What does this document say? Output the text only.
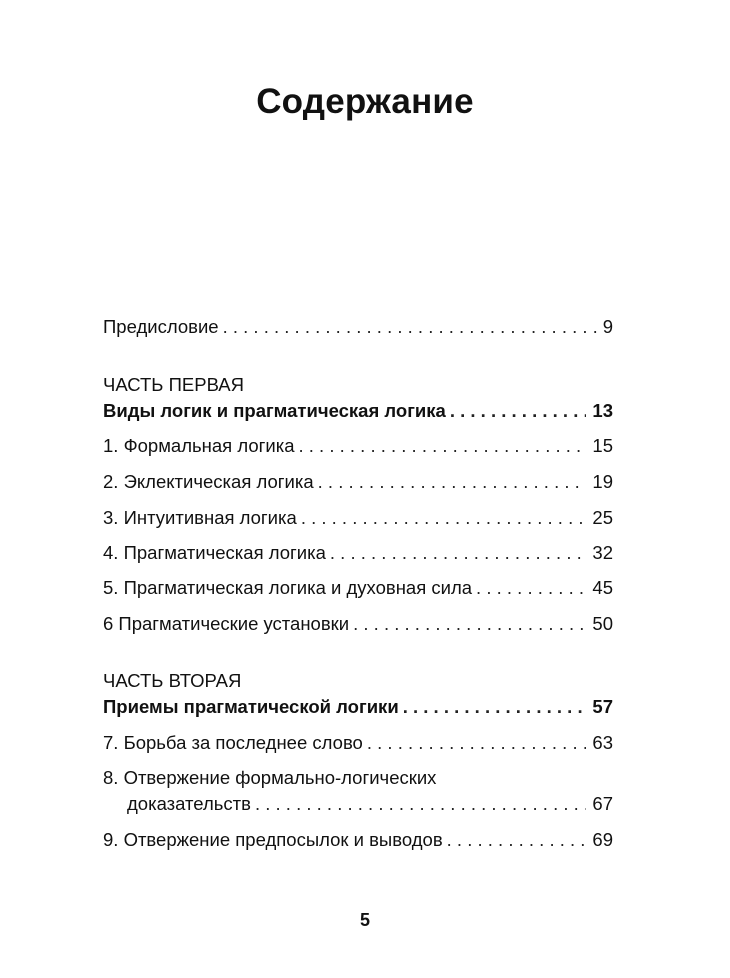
Содержание
Предисловие . . .	9
ЧАСТЬ ПЕРВАЯ
Виды логик и прагматическая логика . . .	13
1. Формальная логика . . .	15
2. Эклектическая логика . . .	19
3. Интуитивная логика . . .	25
4. Прагматическая логика . . .	32
5. Прагматическая логика и духовная сила . . .	45
6 Прагматические установки . . .	50
ЧАСТЬ ВТОРАЯ
Приемы прагматической логики . . .	57
7. Борьба за последнее слово . . .	63
8. Отвержение формально-логических
доказательств . . .	67
9. Отвержение предпосылок и выводов . . .	69
5
